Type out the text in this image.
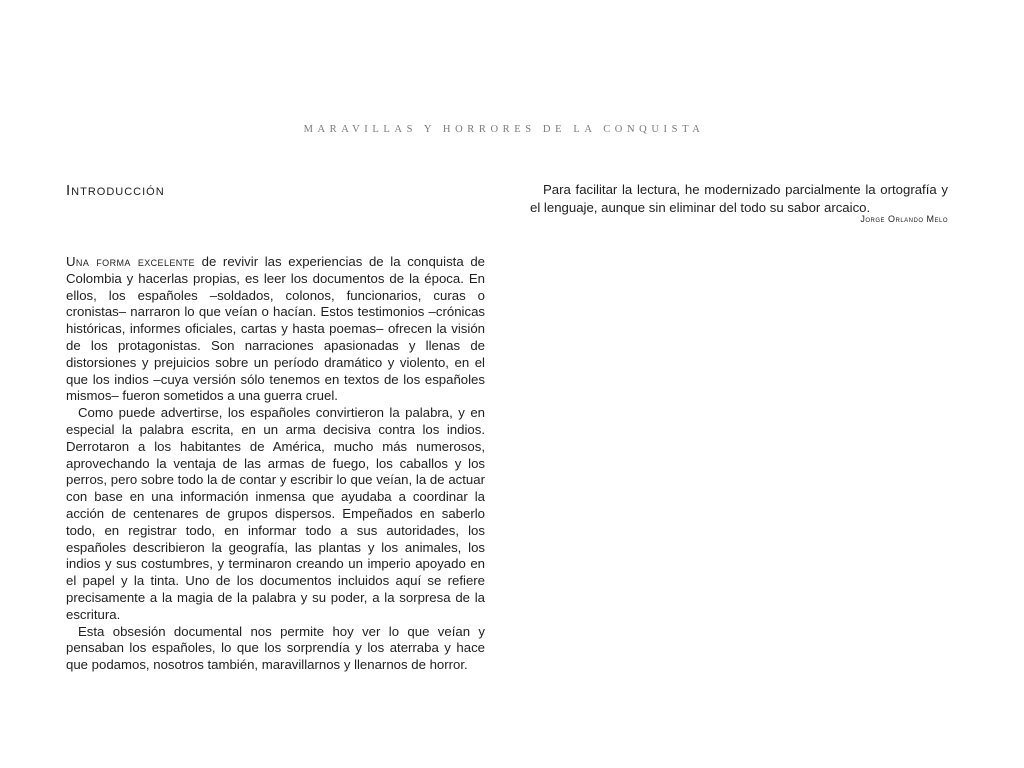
MARAVILLAS Y HORRORES DE LA CONQUISTA
Introducción

Una forma excelente de revivir las experiencias de la conquista de Colombia y hacerlas propias, es leer los documentos de la época. En ellos, los españoles –soldados, colonos, funcionarios, curas o cronistas– narraron lo que veían o hacían. Estos testimonios –crónicas históricas, informes oficiales, cartas y hasta poemas– ofrecen la visión de los protagonistas. Son narraciones apasionadas y llenas de distorsiones y prejuicios sobre un período dramático y violento, en el que los indios –cuya versión sólo tenemos en textos de los españoles mismos– fueron sometidos a una guerra cruel.

Como puede advertirse, los españoles convirtieron la palabra, y en especial la palabra escrita, en un arma decisiva contra los indios. Derrotaron a los habitantes de América, mucho más numerosos, aprovechando la ventaja de las armas de fuego, los caballos y los perros, pero sobre todo la de contar y escribir lo que veían, la de actuar con base en una información inmensa que ayudaba a coordinar la acción de centenares de grupos dispersos. Empeñados en saberlo todo, en registrar todo, en informar todo a sus autoridades, los españoles describieron la geografía, las plantas y los animales, los indios y sus costumbres, y terminaron creando un imperio apoyado en el papel y la tinta. Uno de los documentos incluidos aquí se refiere precisamente a la magia de la palabra y su poder, a la sorpresa de la escritura.

Esta obsesión documental nos permite hoy ver lo que veían y pensaban los españoles, lo que los sorprendía y los aterraba y hace que podamos, nosotros también, maravillarnos y llenarnos de horror.

Para facilitar la lectura, he modernizado parcialmente la ortografía y el lenguaje, aunque sin eliminar del todo su sabor arcaico.

Jorge Orlando Melo
